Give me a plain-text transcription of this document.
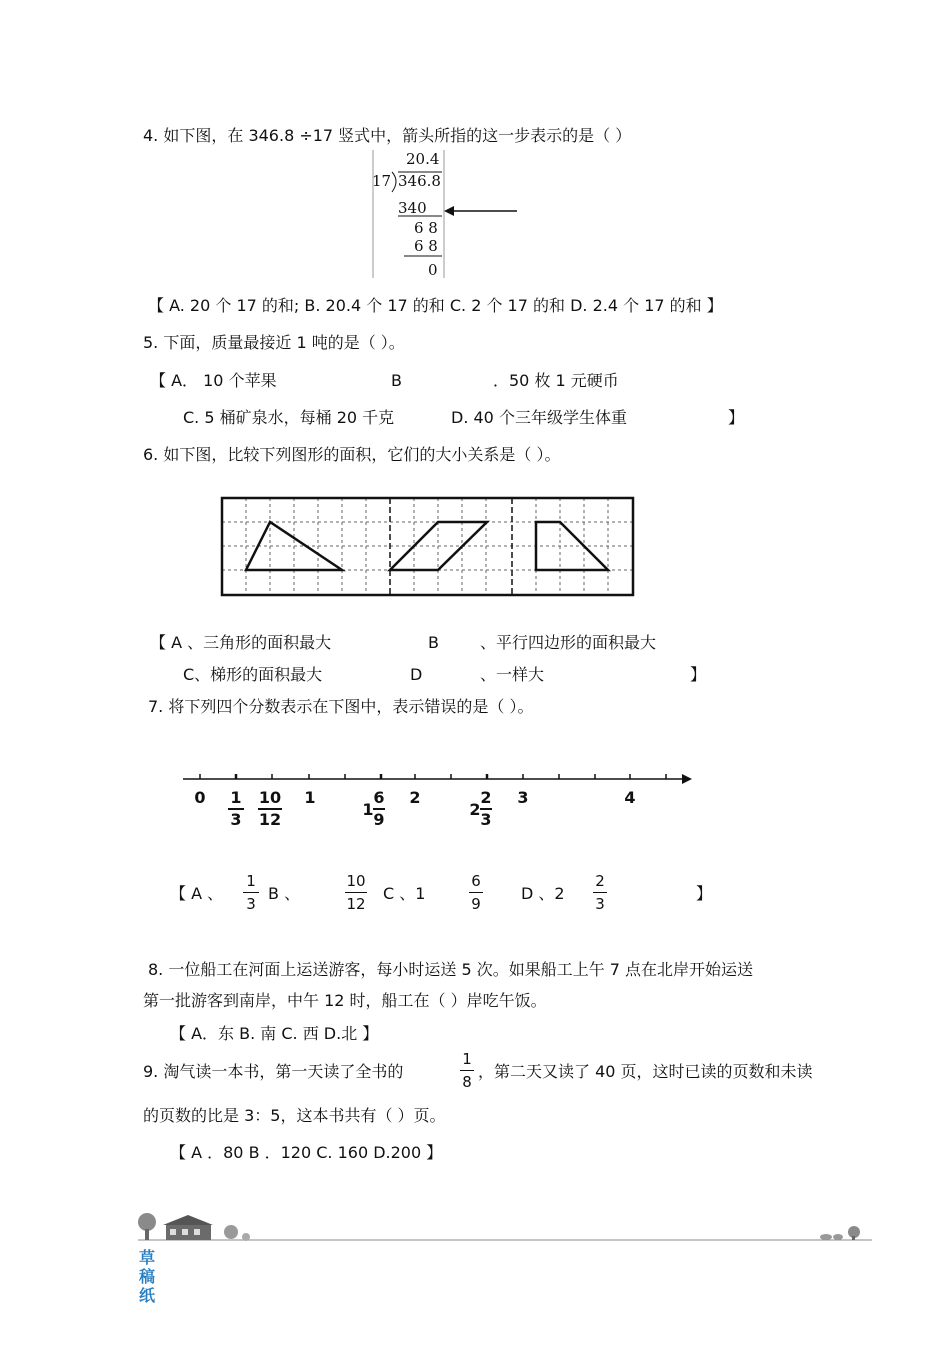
4. 如下图，在 346.8 ÷17 竖式中，箭头所指的这一步表示的是（ ）
20.4
17 346.8
340
6 8
6 8
0
【 A. 20 个 17 的和; B. 20.4 个 17 的和 C. 2 个 17 的和 D. 2.4 个 17 的和 】
5. 下面，质量最接近 1 吨的是（ ）。
【 A． 10 个苹果	B	．50 枚 1 元硬币
C. 5 桶矿泉水，每桶 20 千克	D. 40 个三年级学生体重	】
6. 如下图，比较下列图形的面积，它们的大小关系是（ ）。
【 A 、三角形的面积最大	B	、平行四边形的面积最大
C、梯形的面积最大	D	、一样大	】
7. 将下列四个分数表示在下图中，表示错误的是（ ）。
0	1	2	3	4
1
3
10
12
1
6
9
2
2
3
【 A 、
1
3
B 、
10
12
C 、1
6
9
D 、2
2
3
】
8. 一位船工在河面上运送游客，每小时运送 5 次。如果船工上午 7 点在北岸开始运送
第一批游客到南岸，中午 12 时，船工在（ ）岸吃午饭。
【 A．东 B. 南 C. 西 D.北 】
9. 淘气读一本书，第一天读了全书的
1
8
，第二天又读了 40 页，这时已读的页数和未读
的页数的比是 3：5，这本书共有（ ）页。
【 A ．80 B ．120 C. 160 D.200 】
草
稿
纸
